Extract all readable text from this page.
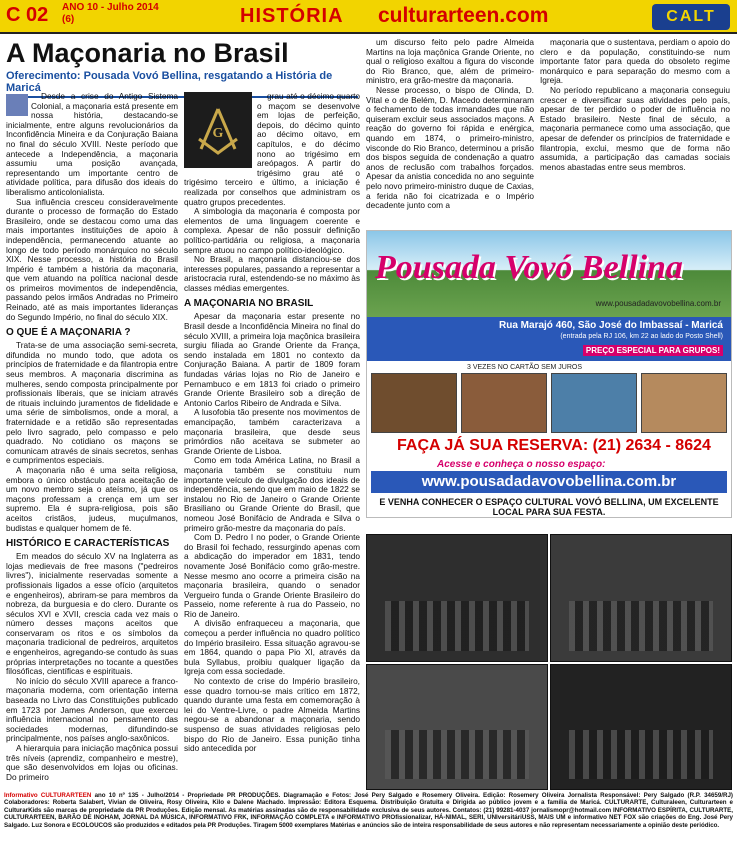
C 02 ANO 10 - Julho 2014
(6)	HISTÓRIA culturarteen.com	CALT
A Maçonaria no Brasil
Oferecimento: Pousada Vovó Bellina, resgatando a História de Maricá

Desde a crise do Antigo Sistema Colonial, a maçonaria está presente em nossa história, destacando-se inicialmente, entre alguns revolucionários da Inconfidência Mineira e da Conjuração Baiana no final do século XVIII. Neste período que antecede a Independência, a maçonaria assumiu uma posição avançada, representando um importante centro de atividade política, para difusão dos ideais do liberalismo anticolonialista.

Sua influência cresceu consideravelmente durante o processo de formação do Estado Brasileiro, onde se destacou como uma das mais importantes instituições de apoio à independência, permanecendo atuante ao longo de todo período monárquico no século XIX. Nesse processo, a história do Brasil Império é também a história da maçonaria, que vem atuando na política nacional desde os primeiros movimentos de independência, passando pelos irmãos Andradas no Primeiro Reinado, até as mais importantes lideranças do Segundo Império, no final do século XIX.

O QUE É A MAÇONARIA ?

Trata-se de uma associação semi-secreta, difundida no mundo todo, que adota os princípios de fraternidade e da filantropia entre seus membros. A maçonaria discrimina as mulheres, sendo composta principalmente por profissionais liberais, que se iniciam através de rituais incluindo juramentos de fidelidade e uma série de simbolismos, onde a moral, a fraternidade e a retidão são representadas pelo livro sagrado, pelo compasso e pelo quadrado. No cotidiano os maçons se comunicam através de sinais secretos, senhas e cumprimentos especiais.

A maçonaria não é uma seita religiosa, embora o único obstáculo para aceitação de um novo membro seja o ateísmo, já que os maçons professam a crença em um ser supremo. Ela é supra-religiosa, pois são aceitos cristãos, judeus, muçulmanos, budistas e qualquer homem de fé.

HISTÓRICO E CARACTERÍSTICAS

Em meados do século XV na Inglaterra as lojas medievais de free masons ("pedreiros livres"), inicialmente reservadas somente a profissionais ligados a esse ofício (arquitetos e engenheiros), abriram-se para membros da nobreza, da burguesia e do clero. Durante os séculos XVI e XVII, crescia cada vez mais o número desses maçons aceitos que conservaram os ritos e os símbolos da maçonaria tradicional de pedreiros, arquitetos e engenheiros, agregando-se contudo às suas próprias interpretações no tocante a questões filosóficas, científicas e espirituais.

No início do século XVIII aparece a franco-maçonaria moderna, com orientação interna baseada no Livro das Constituições publicado em 1723 por James Anderson, que exerceu influência internacional no pensamento das sociedades modernas, difundindo-se principalmente, nos países anglo-saxônicos.

A hierarquia para iniciação maçônica possui três níveis (aprendiz, companheiro e mestre), que são desenvolvidos em lojas ou oficinas. Do primeiro

G

grau até o décimo quarto o maçom se desenvolve em lojas de perfeição, depois, do décimo quinto ao décimo oitavo, em capítulos, e do décimo nono ao trigésimo em areópagos. A partir do trigésimo grau até o trigésimo terceiro e último, a iniciação é realizada por conselhos que administram os quatro grupos precedentes.

A simbologia da maçonaria é composta por elementos de uma linguagem coerente e complexa. Apesar de não possuir definição político-partidária ou religiosa, a maçonaria sempre atuou no campo político-ideológico.

No Brasil, a maçonaria distanciou-se dos interesses populares, passando a representar a aristocracia rural, estendendo-se no máximo às classes médias emergentes.

A MAÇONARIA NO BRASIL

Apesar da maçonaria estar presente no Brasil desde a Inconfidência Mineira no final do século XVIII, a primeira loja maçônica brasileira surgiu filiada ao Grande Oriente da França, sendo instalada em 1801 no contexto da Conjuração Baiana. A partir de 1809 foram fundadas várias lojas no Rio de Janeiro e Pernambuco e em 1813 foi criado o primeiro Grande Oriente Brasileiro sob a direção de Antonio Carlos Ribeiro de Andrada e Silva.

A lusofobia tão presente nos movimentos de emancipação, também caracterizava a maçonaria brasileira, que desde seus primórdios não aceitava se submeter ao Grande Oriente de Lisboa.

Como em toda América Latina, no Brasil a maçonaria também se constituiu num importante veículo de divulgação dos ideais de independência, sendo que em maio de 1822 se instalou no Rio de Janeiro o Grande Oriente Brasiliano ou Grande Oriente do Brasil, que nomeou José Bonifácio de Andrada e Silva o primeiro grão-mestre da maçonaria do país.

Com D. Pedro I no poder, o Grande Oriente do Brasil foi fechado, ressurgindo apenas com a abdicação do imperador em 1831, tendo novamente José Bonifácio como grão-mestre. Nesse mesmo ano ocorre a primeira cisão na maçonaria brasileira, quando o senador Vergueiro funda o Grande Oriente Brasileiro do Passeio, nome referente à rua do Passeio, no Rio de Janeiro.

A divisão enfraqueceu a maçonaria, que começou a perder influência no quadro político do Império brasileiro. Essa situação agravou-se em 1864, quando o papa Pio XI, através da bula Syllabus, proibiu qualquer ligação da Igreja com essa sociedade.

No contexto de crise do Império brasileiro, esse quadro tornou-se mais crítico em 1872, quando durante uma festa em comemoração à lei do Ventre-Livre, o padre Almeida Martins negou-se a abandonar a maçonaria, sendo suspenso de suas atividades religiosas pelo bispo do Rio de Janeiro. Essa punição tinha sido antecedida por

um discurso feito pelo padre Almeida Martins na loja maçônica Grande Oriente, no qual o religioso exaltou a figura do visconde do Rio Branco, que, além de primeiro-ministro, era grão-mestre da maçonaria.

Nesse processo, o bispo de Olinda, D. Vital e o de Belém, D. Macedo determinaram o fechamento de todas irmandades que não quiseram excluir seus associados maçons. A reação do governo foi rápida e enérgica, quando em 1874, o primeiro-ministro, visconde do Rio Branco, determinou a prisão dos bispos seguida de condenação a quatro anos de reclusão com trabalhos forçados. Apesar da anistia concedida no ano seguinte pelo novo primeiro-ministro duque de Caxias, a ferida não foi cicatrizada e o Império decadente junto com a

maçonaria que o sustentava, perdiam o apoio do clero e da população, constituindo-se num importante fator para queda do obsoleto regime monárquico e para separação do mesmo com a Igreja.

No período republicano a maçonaria conseguiu crescer e diversificar suas atividades pelo país, apesar de ter perdido o poder de influência no Estado brasileiro. Neste final de século, a maçonaria permanece como uma associação, que apesar de defender os princípios de fraternidade e filantropia, exclui, mesmo que de forma não assumida, a participação das camadas sociais menos abastadas entre seus membros.

Pousada Vovó Bellina
www.pousadadavovobellina.com.br
Rua Marajó 460, São José do Imbassaí - Maricá
(entrada pela RJ 106, km 22 ao lado do Posto Shell)
PREÇO ESPECIAL PARA GRUPOS!
3 VEZES NO CARTÃO SEM JUROS
FAÇA JÁ SUA RESERVA: (21) 2634 - 8624
Acesse e conheça o nosso espaço:
www.pousadadavovobellina.com.br
E VENHA CONHECER O ESPAÇO CULTURAL VOVÓ BELLINA, UM EXCELENTE LOCAL PARA SUA FESTA.
Informativo CULTURARTEEN ano 10 nº 135 - Julho/2014 - Propriedade PR PRODUÇÕES. Diagramação e Fotos: José Pery Salgado e Rosemery Oliveira. Edição: Rosemery Oliveira Jornalista Responsável: Pery Salgado (R.P. 34659/RJ) Colaboradores: Roberta Salabert, Vivian de Oliveira, Rosy Oliveira, Kilo e Dalene Machado. Impressão: Editora Esquema. Distribuição Gratuita e Dirigida ao público jovem e a família de Maricá. CULTURARTE, Culturaleen, Culturarteen e CulturarKids são marcas de propriedade da PR Produções. Edição mensal. As matérias assinadas são de responsabilidade exclusiva de seus autores. Contatos: (21) 99281-4037 jornalismopr@hotmail.com INFORMATIVO ESPÍRITA, CULTURARTE, CULTURARTEEN, BARÃO DE INOHAM, JORNAL DA MÚSICA, INFORMATIVO FRK, INFORMAÇÃO COMPLETA e INFORMATIVO PROfissionalizar, HÁ-NIMAL, SERI, UNIversitáriUSS, MAIS UM e informativo NET FOX são criações do Eng. José Pery Salgado. Luz Sonora e ECOLOUCOS são produzidos e editados pela PR Produções. Tiragem 5000 exemplares Matérias e anúncios são de inteira responsabilidade de seus autores e não representam necessariamente a opinião deste periódico.
